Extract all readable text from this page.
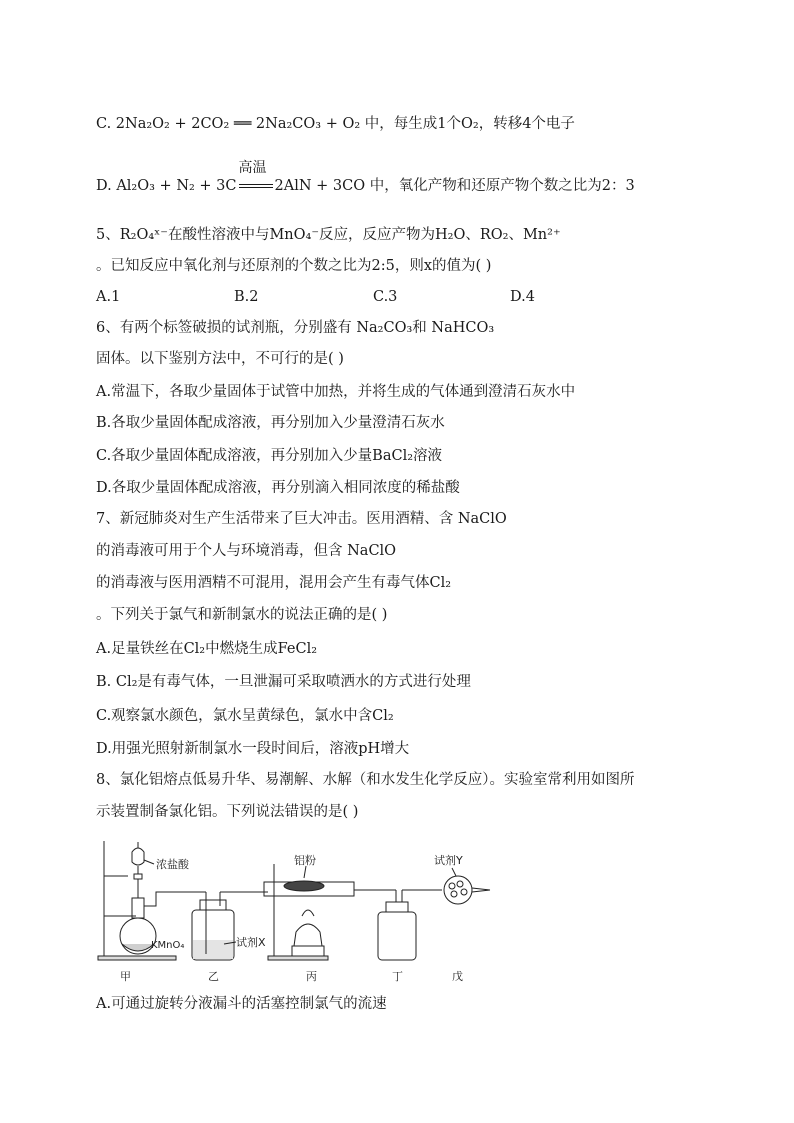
C. 2Na₂O₂ + 2CO₂ ══ 2Na₂CO₃ + O₂ 中，每生成1个O₂，转移4个电子
D. Al₂O₃ + N₂ + 3C
高温
2AlN + 3CO 中，氧化产物和还原产物个数之比为2：3
5、R₂O₄ˣ⁻在酸性溶液中与MnO₄⁻反应，反应产物为H₂O、RO₂、Mn²⁺
。已知反应中氧化剂与还原剂的个数之比为2:5，则x的值为( )
A.1	B.2	C.3	D.4
6、有两个标签破损的试剂瓶，分别盛有 Na₂CO₃和 NaHCO₃
固体。以下鉴别方法中，不可行的是( )
A.常温下，各取少量固体于试管中加热，并将生成的气体通到澄清石灰水中
B.各取少量固体配成溶液，再分别加入少量澄清石灰水
C.各取少量固体配成溶液，再分别加入少量BaCl₂溶液
D.各取少量固体配成溶液，再分别滴入相同浓度的稀盐酸
7、新冠肺炎对生产生活带来了巨大冲击。医用酒精、含 NaClO
的消毒液可用于个人与环境消毒，但含 NaClO
的消毒液与医用酒精不可混用，混用会产生有毒气体Cl₂
。下列关于氯气和新制氯水的说法正确的是( )
A.足量铁丝在Cl₂中燃烧生成FeCl₂
B. Cl₂是有毒气体，一旦泄漏可采取喷洒水的方式进行处理
C.观察氯水颜色，氯水呈黄绿色，氯水中含Cl₂
D.用强光照射新制氯水一段时间后，溶液pH增大
8、氯化铝熔点低易升华、易潮解、水解（和水发生化学反应）。实验室常利用如图所
示装置制备氯化铝。下列说法错误的是( )
浓盐酸
KMnO₄	试剂X
铝粉	试剂Y
甲	乙	丙	丁	戊
A.可通过旋转分液漏斗的活塞控制氯气的流速
